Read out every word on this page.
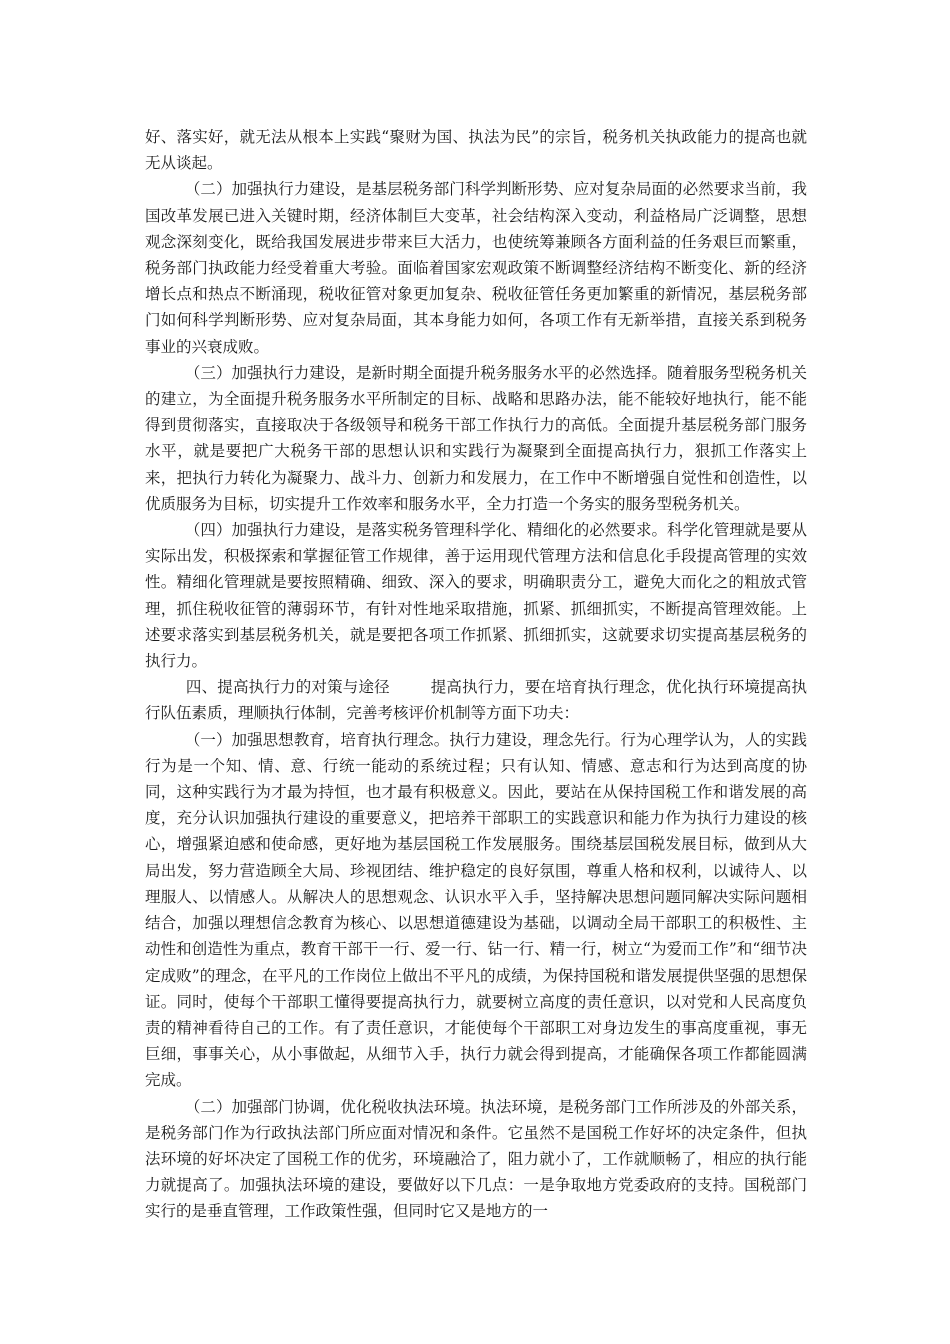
好、落实好，就无法从根本上实践“聚财为国、执法为民”的宗旨，税务机关执政能力的提高也就无从谈起。

（二）加强执行力建设，是基层税务部门科学判断形势、应对复杂局面的必然要求当前，我国改革发展已进入关键时期，经济体制巨大变革，社会结构深入变动，利益格局广泛调整，思想观念深刻变化，既给我国发展进步带来巨大活力，也使统筹兼顾各方面利益的任务艰巨而繁重，税务部门执政能力经受着重大考验。面临着国家宏观政策不断调整经济结构不断变化、新的经济增长点和热点不断涌现，税收征管对象更加复杂、税收征管任务更加繁重的新情况，基层税务部门如何科学判断形势、应对复杂局面，其本身能力如何，各项工作有无新举措，直接关系到税务事业的兴衰成败。

（三）加强执行力建设，是新时期全面提升税务服务水平的必然选择。随着服务型税务机关的建立，为全面提升税务服务水平所制定的目标、战略和思路办法，能不能较好地执行，能不能得到贯彻落实，直接取决于各级领导和税务干部工作执行力的高低。全面提升基层税务部门服务水平，就是要把广大税务干部的思想认识和实践行为凝聚到全面提高执行力，狠抓工作落实上来，把执行力转化为凝聚力、战斗力、创新力和发展力，在工作中不断增强自觉性和创造性，以优质服务为目标，切实提升工作效率和服务水平，全力打造一个务实的服务型税务机关。

（四）加强执行力建设，是落实税务管理科学化、精细化的必然要求。科学化管理就是要从实际出发，积极探索和掌握征管工作规律，善于运用现代管理方法和信息化手段提高管理的实效性。精细化管理就是要按照精确、细致、深入的要求，明确职责分工，避免大而化之的粗放式管理，抓住税收征管的薄弱环节，有针对性地采取措施，抓紧、抓细抓实，不断提高管理效能。上述要求落实到基层税务机关，就是要把各项工作抓紧、抓细抓实，这就要求切实提高基层税务的执行力。

四、提高执行力的对策与途径        提高执行力，要在培育执行理念，优化执行环境提高执行队伍素质，理顺执行体制，完善考核评价机制等方面下功夫：

（一）加强思想教育，培育执行理念。执行力建设，理念先行。行为心理学认为，人的实践行为是一个知、情、意、行统一能动的系统过程；只有认知、情感、意志和行为达到高度的协同，这种实践行为才最为持恒，也才最有积极意义。因此，要站在从保持国税工作和谐发展的高度，充分认识加强执行建设的重要意义，把培养干部职工的实践意识和能力作为执行力建设的核心，增强紧迫感和使命感，更好地为基层国税工作发展服务。围绕基层国税发展目标，做到从大局出发，努力营造顾全大局、珍视团结、维护稳定的良好氛围，尊重人格和权利，以诚待人、以理服人、以情感人。从解决人的思想观念、认识水平入手，坚持解决思想问题同解决实际问题相结合，加强以理想信念教育为核心、以思想道德建设为基础，以调动全局干部职工的积极性、主动性和创造性为重点，教育干部干一行、爱一行、钻一行、精一行，树立“为爱而工作”和“细节决定成败”的理念，在平凡的工作岗位上做出不平凡的成绩，为保持国税和谐发展提供坚强的思想保证。同时，使每个干部职工懂得要提高执行力，就要树立高度的责任意识，以对党和人民高度负责的精神看待自己的工作。有了责任意识，才能使每个干部职工对身边发生的事高度重视，事无巨细，事事关心，从小事做起，从细节入手，执行力就会得到提高，才能确保各项工作都能圆满完成。

（二）加强部门协调，优化税收执法环境。执法环境，是税务部门工作所涉及的外部关系，是税务部门作为行政执法部门所应面对情况和条件。它虽然不是国税工作好坏的决定条件，但执法环境的好坏决定了国税工作的优劣，环境融洽了，阻力就小了，工作就顺畅了，相应的执行能力就提高了。加强执法环境的建设，要做好以下几点：一是争取地方党委政府的支持。国税部门实行的是垂直管理，工作政策性强，但同时它又是地方的一
